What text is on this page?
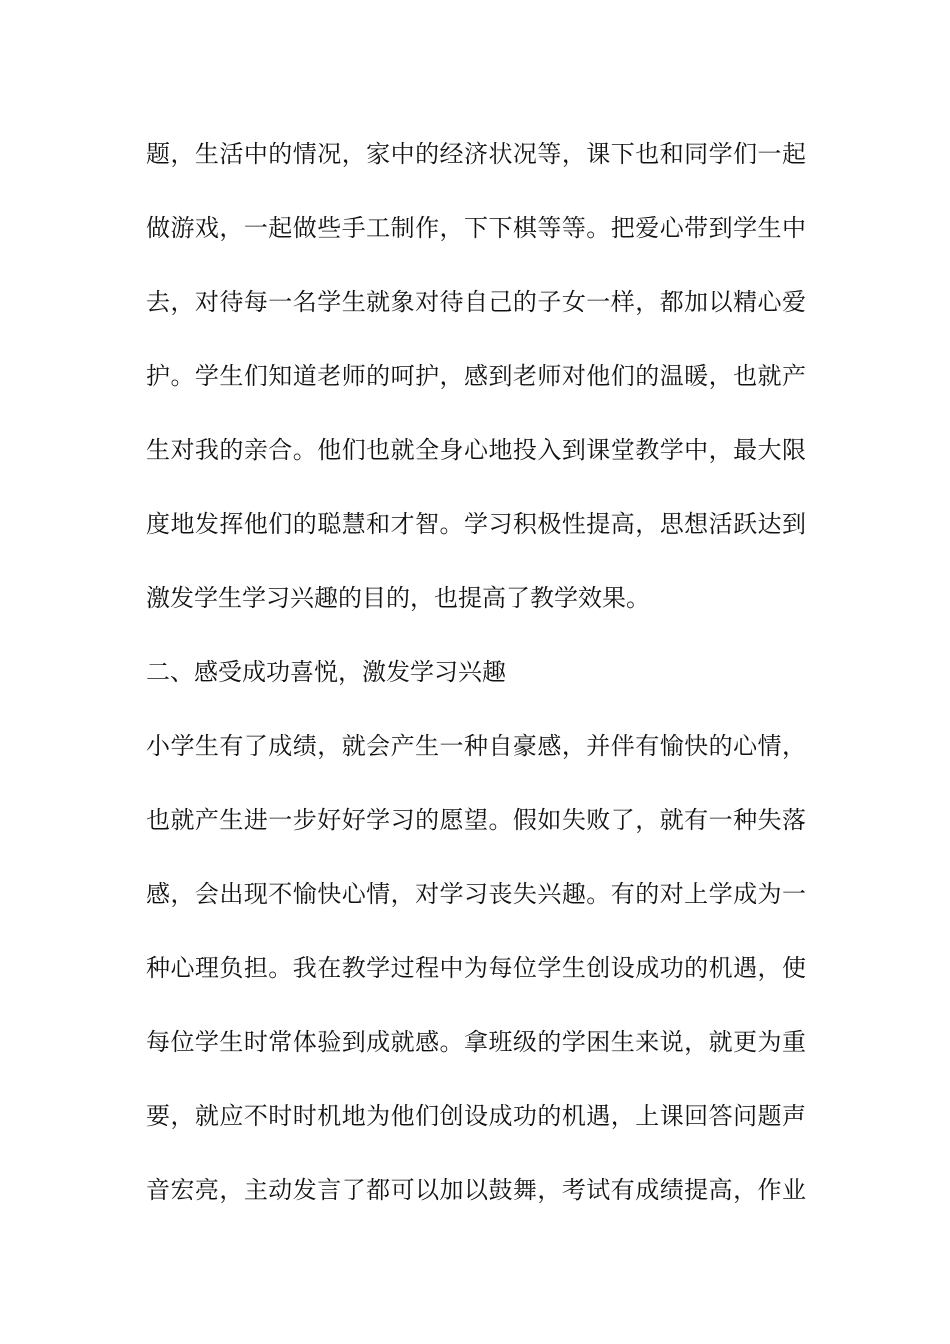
题，生活中的情况，家中的经济状况等，课下也和同学们一起
做游戏，一起做些手工制作，下下棋等等。把爱心带到学生中
去，对待每一名学生就象对待自己的子女一样，都加以精心爱
护。学生们知道老师的呵护，感到老师对他们的温暖，也就产
生对我的亲合。他们也就全身心地投入到课堂教学中，最大限
度地发挥他们的聪慧和才智。学习积极性提高，思想活跃达到
激发学生学习兴趣的目的，也提高了教学效果。
二、感受成功喜悦，激发学习兴趣
小学生有了成绩，就会产生一种自豪感，并伴有愉快的心情，
也就产生进一步好好学习的愿望。假如失败了，就有一种失落
感，会出现不愉快心情，对学习丧失兴趣。有的对上学成为一
种心理负担。我在教学过程中为每位学生创设成功的机遇，使
每位学生时常体验到成就感。拿班级的学困生来说，就更为重
要，就应不时时机地为他们创设成功的机遇，上课回答问题声
音宏亮，主动发言了都可以加以鼓舞，考试有成绩提高，作业
